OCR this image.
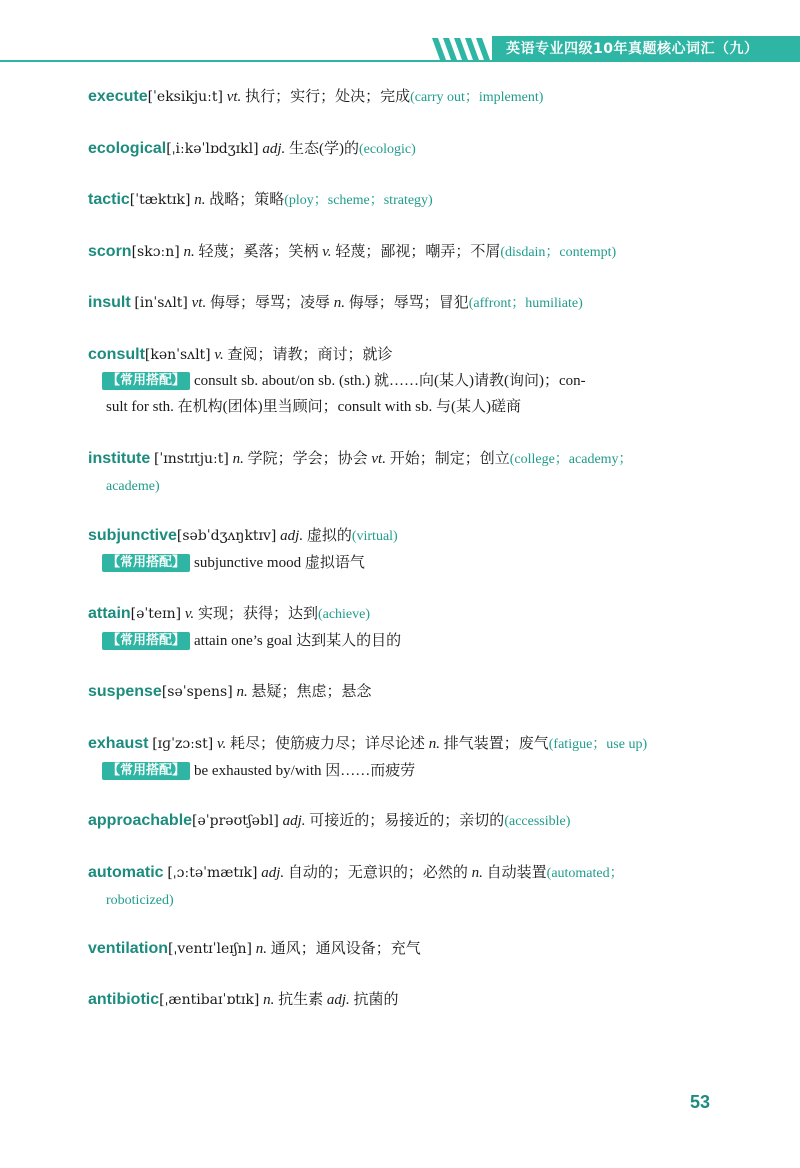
英语专业四级10年真题核心词汇（九）
execute[ˈeksikjuːt] vt. 执行；实行；处决；完成(carry out；implement)
ecological[ˌiːkəˈlɒdʒɪkl] adj. 生态(学)的(ecologic)
tactic[ˈtæktɪk] n. 战略；策略(ploy；scheme；strategy)
scorn[skɔːn] n. 轻蔑；奚落；笑柄 v. 轻蔑；鄙视；嘲弄；不屑(disdain；contempt)
insult [inˈsʌlt] vt. 侮辱；辱骂；凌辱 n. 侮辱；辱骂；冒犯(affront；humiliate)
consult[kənˈsʌlt] v. 查阅；请教；商讨；就诊
【常用搭配】 consult sb. about/on sb. (sth.) 就……向(某人)请教(询问)；con-
sult for sth. 在机构(团体)里当顾问；consult with sb. 与(某人)磋商
institute [ˈɪnstɪtjuːt] n. 学院；学会；协会 vt. 开始；制定；创立(college；academy；
academe)
subjunctive[səbˈdʒʌŋktɪv] adj. 虚拟的(virtual)
【常用搭配】 subjunctive mood 虚拟语气
attain[əˈteɪn] v. 实现；获得；达到(achieve)
【常用搭配】 attain one’s goal 达到某人的目的
suspense[səˈspens] n. 悬疑；焦虑；悬念
exhaust [ɪɡˈzɔːst] v. 耗尽；使筋疲力尽；详尽论述 n. 排气装置；废气(fatigue；use up)
【常用搭配】 be exhausted by/with 因……而疲劳
approachable[əˈprəʊtʃəbl] adj. 可接近的；易接近的；亲切的(accessible)
automatic [ˌɔːtəˈmætɪk] adj. 自动的；无意识的；必然的 n. 自动装置(automated；
roboticized)
ventilation[ˌventɪˈleɪʃn] n. 通风；通风设备；充气
antibiotic[ˌæntibaɪˈɒtɪk] n. 抗生素 adj. 抗菌的
53
